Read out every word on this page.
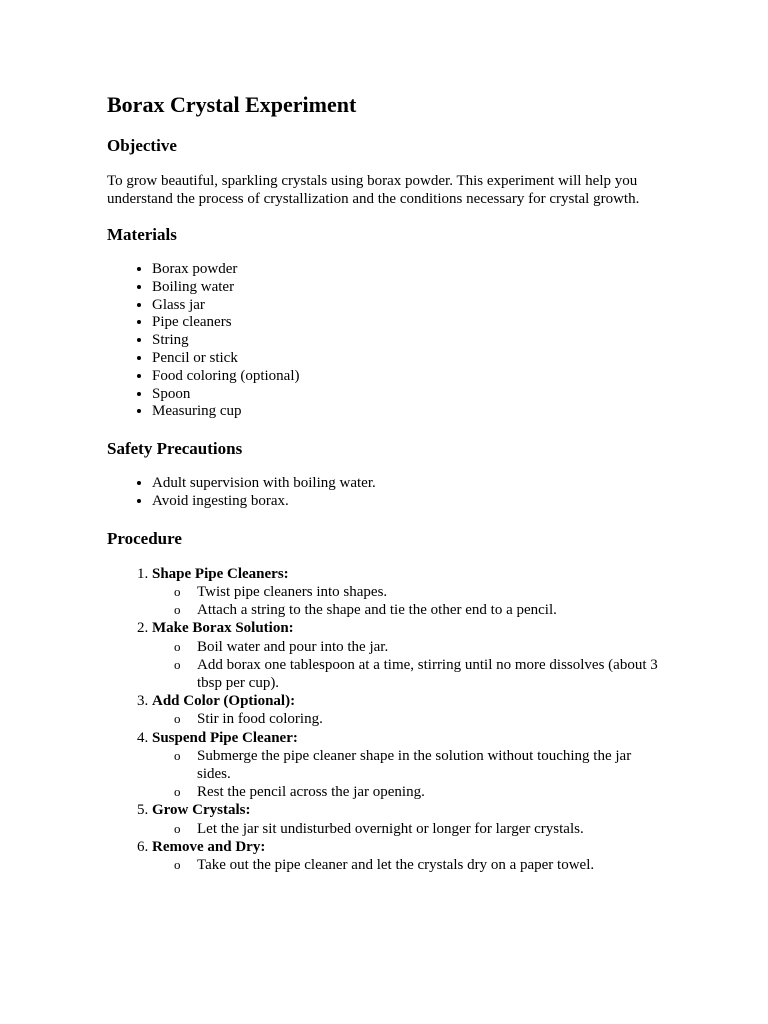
Borax Crystal Experiment
Objective

To grow beautiful, sparkling crystals using borax powder. This experiment will help you understand the process of crystallization and the conditions necessary for crystal growth.

Materials
• Borax powder
• Boiling water
• Glass jar
• Pipe cleaners
• String
• Pencil or stick
• Food coloring (optional)
• Spoon
• Measuring cup
Safety Precautions
• Adult supervision with boiling water.
• Avoid ingesting borax.
Procedure
1. Shape Pipe Cleaners:
o Twist pipe cleaners into shapes.
o Attach a string to the shape and tie the other end to a pencil.
2. Make Borax Solution:
o Boil water and pour into the jar.
o Add borax one tablespoon at a time, stirring until no more dissolves (about 3 tbsp per cup).
3. Add Color (Optional):
o Stir in food coloring.
4. Suspend Pipe Cleaner:
o Submerge the pipe cleaner shape in the solution without touching the jar sides.
o Rest the pencil across the jar opening.
5. Grow Crystals:
o Let the jar sit undisturbed overnight or longer for larger crystals.
6. Remove and Dry:
o Take out the pipe cleaner and let the crystals dry on a paper towel.
